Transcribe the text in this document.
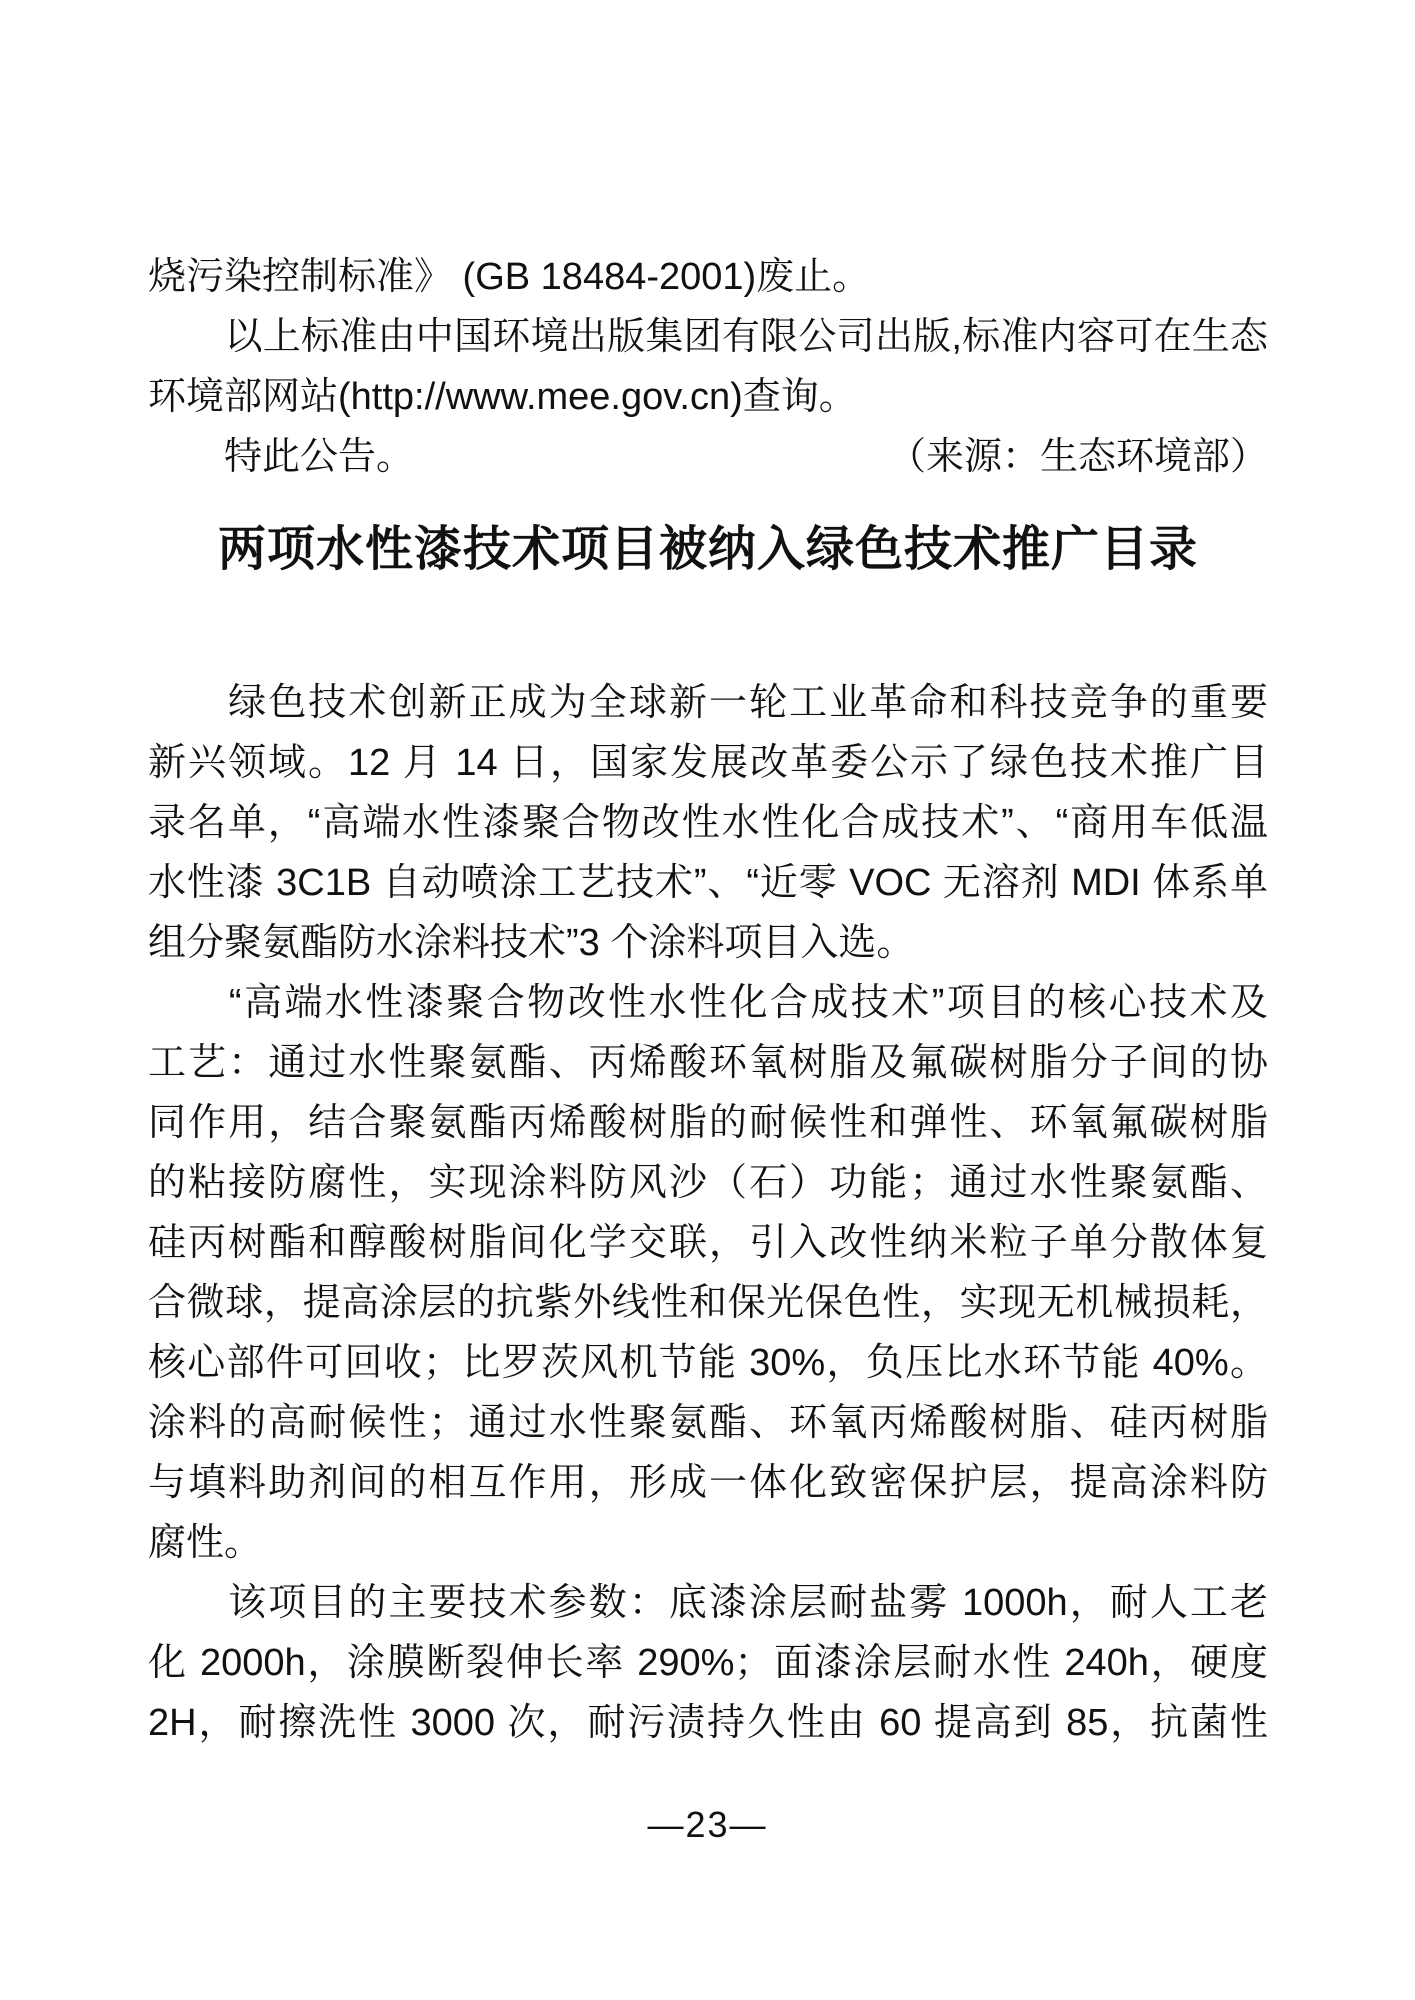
烧污染控制标准》 (GB 18484-2001)废止。
　　以上标准由中国环境出版集团有限公司出版,标准内容可在生态
环境部网站(http://www.mee.gov.cn)查询。
　　特此公告。	（来源：生态环境部）
两项水性漆技术项目被纳入绿色技术推广目录
　　绿色技术创新正成为全球新一轮工业革命和科技竞争的重要
新兴领域。12 月 14 日，国家发展改革委公示了绿色技术推广目
录名单，“高端水性漆聚合物改性水性化合成技术”、“商用车低温
水性漆 3C1B 自动喷涂工艺技术”、“近零 VOC 无溶剂 MDI 体系单
组分聚氨酯防水涂料技术”3 个涂料项目入选。
　　“高端水性漆聚合物改性水性化合成技术”项目的核心技术及
工艺：通过水性聚氨酯、丙烯酸环氧树脂及氟碳树脂分子间的协
同作用，结合聚氨酯丙烯酸树脂的耐候性和弹性、环氧氟碳树脂
的粘接防腐性，实现涂料防风沙（石）功能；通过水性聚氨酯、
硅丙树酯和醇酸树脂间化学交联，引入改性纳米粒子单分散体复
合微球，提高涂层的抗紫外线性和保光保色性，实现无机械损耗，
核心部件可回收；比罗茨风机节能 30%，负压比水环节能 40%。
涂料的高耐候性；通过水性聚氨酯、环氧丙烯酸树脂、硅丙树脂
与填料助剂间的相互作用，形成一体化致密保护层，提高涂料防
腐性。
　　该项目的主要技术参数：底漆涂层耐盐雾 1000h，耐人工老
化 2000h，涂膜断裂伸长率 290%；面漆涂层耐水性 240h，硬度
2H，耐擦洗性 3000 次，耐污渍持久性由 60 提高到 85，抗菌性
—23—
